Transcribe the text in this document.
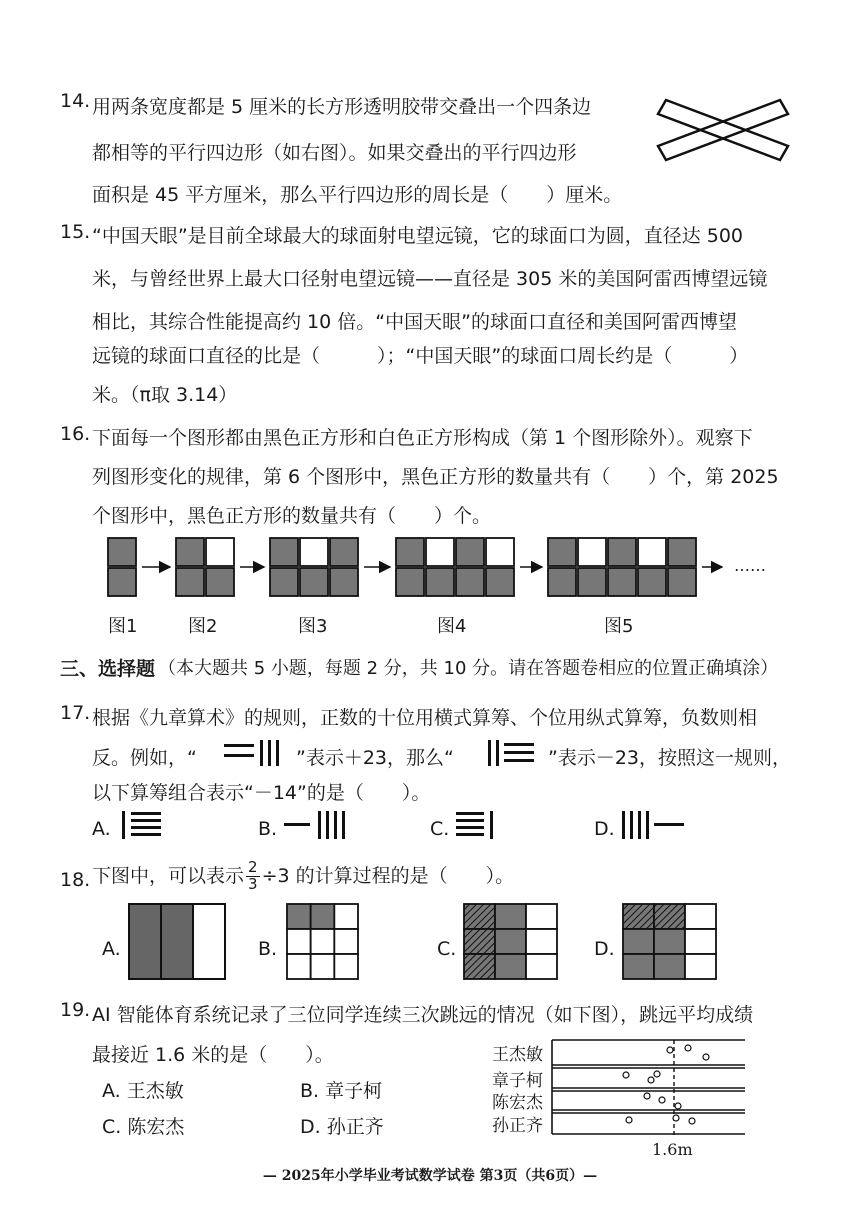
14. 用两条宽度都是 5 厘米的长方形透明胶带交叠出一个四条边
都相等的平行四边形（如右图）。如果交叠出的平行四边形
面积是 45 平方厘米，那么平行四边形的周长是（　　）厘米。
15. “中国天眼”是目前全球最大的球面射电望远镜，它的球面口为圆，直径达 500
米，与曾经世界上最大口径射电望远镜——直径是 305 米的美国阿雷西博望远镜
相比，其综合性能提高约 10 倍。“中国天眼”的球面口直径和美国阿雷西博望
远镜的球面口直径的比是（　　　）；“中国天眼”的球面口周长约是（　　　）
米。（π取 3.14）
16. 下面每一个图形都由黑色正方形和白色正方形构成（第 1 个图形除外）。观察下
列图形变化的规律，第 6 个图形中，黑色正方形的数量共有（　　）个，第 2025
个图形中，黑色正方形的数量共有（　　）个。
……
图1	图2	图3	图4	图5
三、选择题 （本大题共 5 小题，每题 2 分，共 10 分。请在答题卷相应的位置正确填涂）
17. 根据《九章算术》的规则，正数的十位用横式算筹、个位用纵式算筹，负数则相
反。例如，“	”表示＋23，那么“	”表示－23，按照这一规则，
以下算筹组合表示“－14”的是（　　）。
A.	B.	C.	D.
18. 下图中，可以表示 $\frac{2}{3} \div 3$ 的计算过程的是（　　）。
A.	B.	C.	D.
19. AI 智能体育系统记录了三位同学连续三次跳远的情况（如下图），跳远平均成绩
最接近 1.6 米的是（　　）。
A. 王杰敏	B. 章子柯
C. 陈宏杰	D. 孙正齐
王杰敏
章子柯
陈宏杰
孙正齐
1.6m
— 2025年小学毕业考试数学试卷 第3页（共6页）—
